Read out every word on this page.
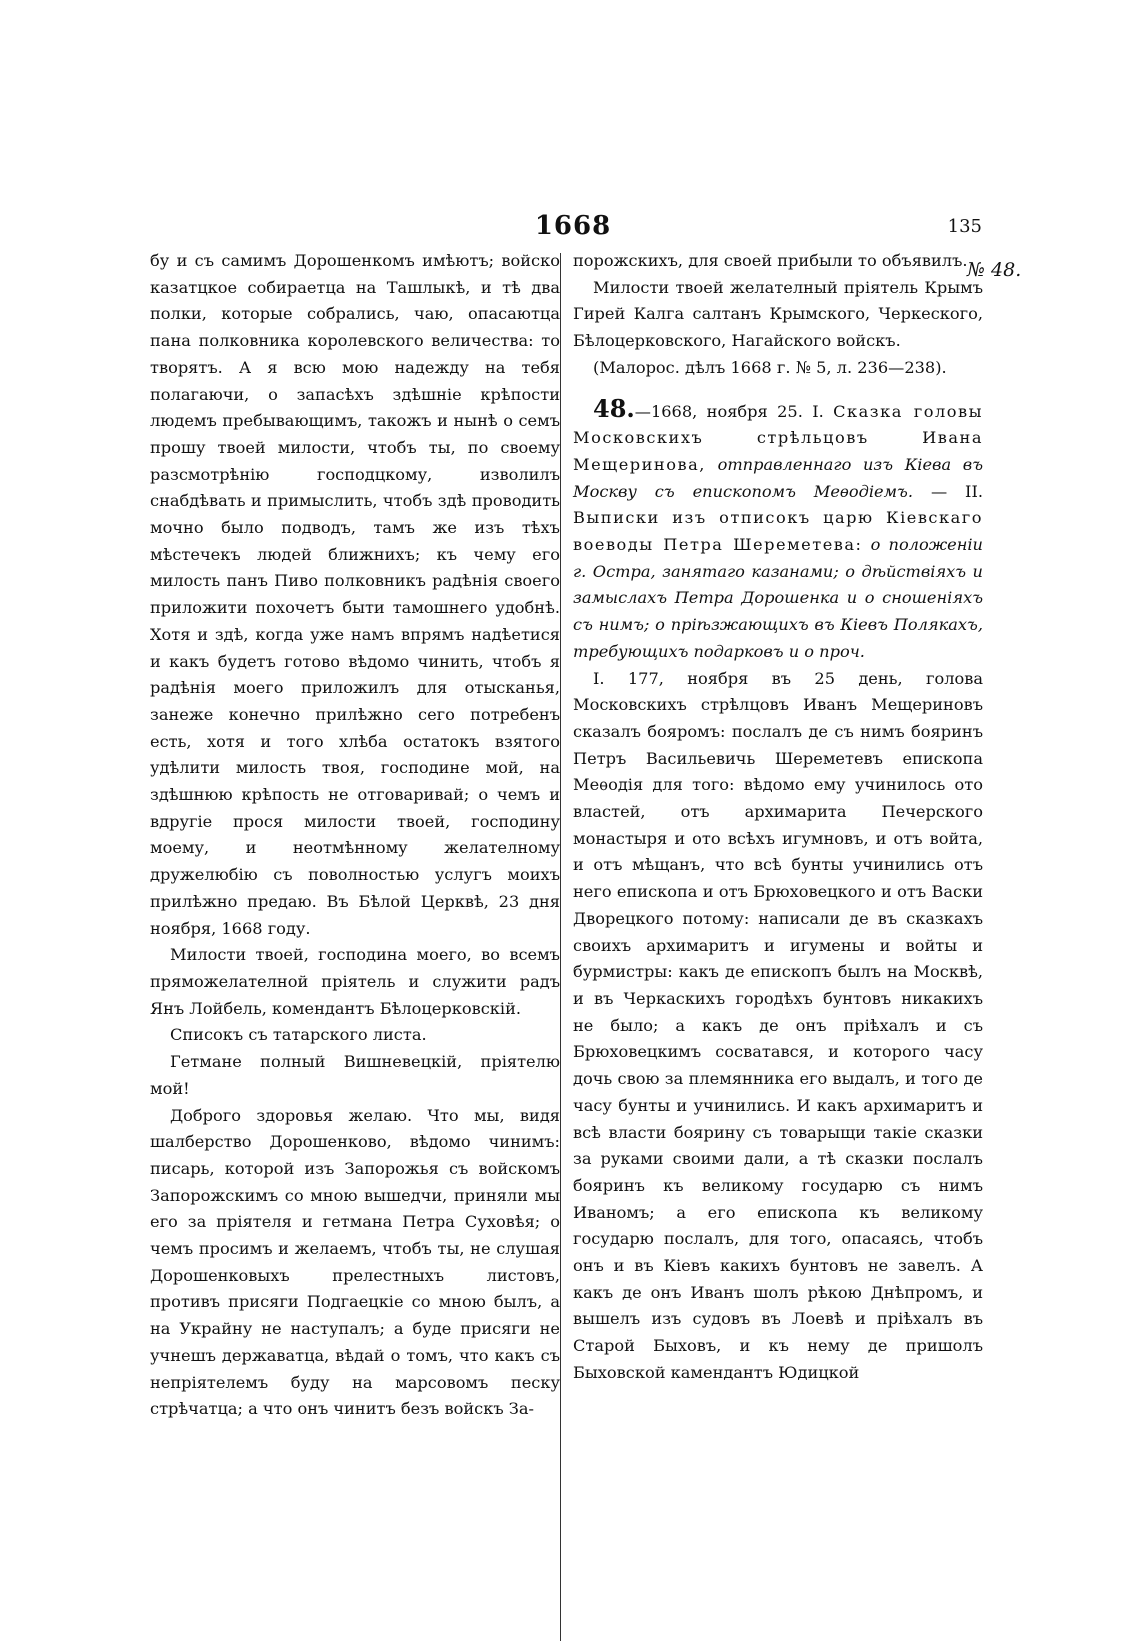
1668	135
№ 48.

бу и съ самимъ Дорошенкомъ имѣютъ; войско казатцкое собираетца на Ташлыкѣ, и тѣ два полки, которые собрались, чаю, опасаютца пана полковника королевского величества: то творятъ. А я всю мою надежду на тебя полагаючи, о запасѣхъ здѣшніе крѣпости людемъ пребывающимъ, такожъ и нынѣ о семъ прошу твоей милости, чтобъ ты, по своему разсмотрѣнію господцкому, изволилъ снабдѣвать и примыслить, чтобъ здѣ проводить мочно было подводъ, тамъ же изъ тѣхъ мѣстечекъ людей ближнихъ; къ чему его милость панъ Пиво полковникъ радѣнія своего приложити похочетъ быти тамошнего удобнѣ. Хотя и здѣ, когда уже намъ впрямъ надѣетися и какъ будетъ готово вѣдомо чинить, чтобъ я радѣнія моего приложилъ для отысканья, занеже конечно прилѣжно сего потребенъ есть, хотя и того хлѣба остатокъ взятого удѣлити милость твоя, господине мой, на здѣшнюю крѣпость не отговаривай; о чемъ и вдругіе прося милости твоей, господину моему, и неотмѣнному желателному дружелюбію съ поволностью услугъ моихъ прилѣжно предаю. Въ Бѣлой Церквѣ, 23 дня ноября, 1668 году.

Милости твоей, господина моего, во всемъ пряможелателной пріятель и служити радъ Янъ Лойбель, комендантъ Бѣлоцерковскій.

Списокъ съ татарского листа.

Гетмане полный Вишневецкій, пріятелю мой!

Доброго здоровья желаю. Что мы, видя шалберство Дорошенково, вѣдомо чинимъ: писарь, которой изъ Запорожья съ войскомъ Запорожскимъ со мною вышедчи, приняли мы его за пріятеля и гетмана Петра Суховѣя; о чемъ просимъ и желаемъ, чтобъ ты, не слушая Дорошенковыхъ прелестныхъ листовъ, противъ присяги Подгаецкіе со мною былъ, а на Украйну не наступалъ; а буде присяги не учнешъ державатца, вѣдай о томъ, что какъ съ непріятелемъ буду на марсовомъ песку стрѣчатца; а что онъ чинитъ безъ войскъ За-

порожскихъ, для своей прибыли то объявилъ.

Милости твоей желателный пріятель Крымъ Гирей Калга салтанъ Крымского, Черкеского, Бѣлоцерковского, Нагайского войскъ.

(Малорос. дѣлъ 1668 г. № 5, л. 236—238).

48.—1668, ноября 25. I. Сказка головы Московскихъ стрѣльцовъ Ивана Мещеринова, отправленнаго изъ Кіева въ Москву съ епископомъ Меѳодіемъ. — II. Выписки изъ отписокъ царю Кіевскаго воеводы Петра Шереметева: о положеніи г. Остра, занятаго казанами; о дѣйствіяхъ и замыслахъ Петра Дорошенка и о сношеніяхъ съ нимъ; о пріѣзжающихъ въ Кіевъ Полякахъ, требующихъ подарковъ и о проч.

I. 177, ноября въ 25 день, голова Московскихъ стрѣлцовъ Иванъ Мещериновъ сказалъ бояромъ: послалъ де съ нимъ бояринъ Петръ Васильевичь Шереметевъ епископа Меѳодія для того: вѣдомо ему учинилось ото властей, отъ архимарита Печерского монастыря и ото всѣхъ игумновъ, и отъ войта, и отъ мѣщанъ, что всѣ бунты учинились отъ него епископа и отъ Брюховецкого и отъ Васки Дворецкого потому: написали де въ сказкахъ своихъ архимаритъ и игумены и войты и бурмистры: какъ де епископъ былъ на Москвѣ, и въ Черкаскихъ городѣхъ бунтовъ никакихъ не было; а какъ де онъ пріѣхалъ и съ Брюховецкимъ сосватався, и которого часу дочь свою за племянника его выдалъ, и того де часу бунты и учинились. И какъ архимаритъ и всѣ власти боярину съ товарыщи такіе сказки за руками своими дали, а тѣ сказки послалъ бояринъ къ великому государю съ нимъ Иваномъ; а его епископа къ великому государю послалъ, для того, опасаясь, чтобъ онъ и въ Кіевъ какихъ бунтовъ не завелъ. А какъ де онъ Иванъ шолъ рѣкою Днѣпромъ, и вышелъ изъ судовъ въ Лоевѣ и пріѣхалъ въ Старой Быховъ, и къ нему де пришолъ Быховской камендантъ Юдицкой
